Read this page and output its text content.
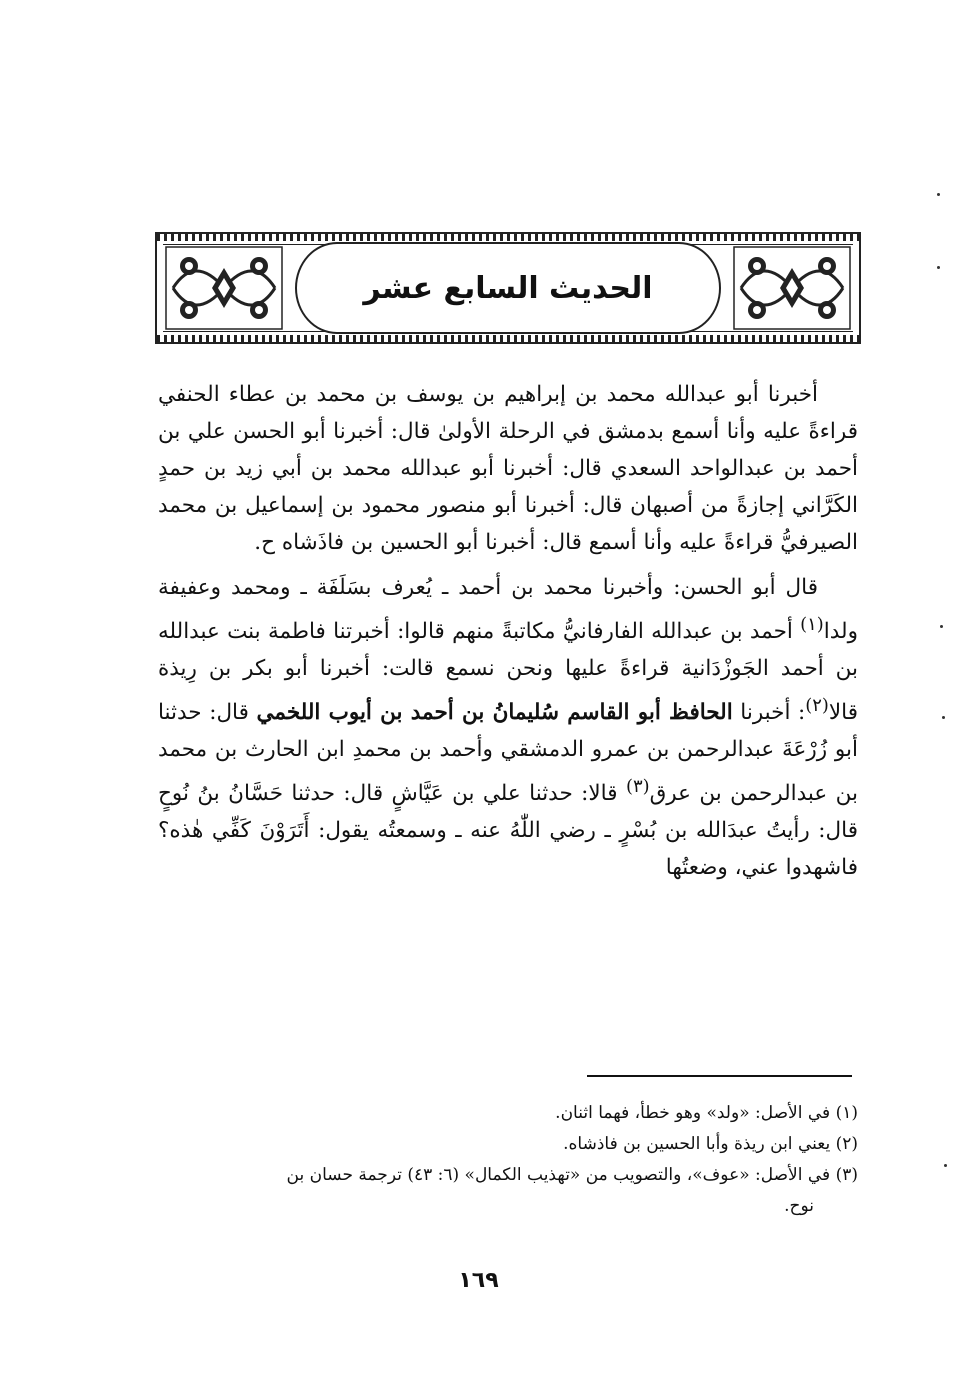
الحديث السابع عشر

أخبرنا أبو عبدالله محمد بن إبراهيم بن يوسف بن محمد بن عطاء الحنفي قراءةً عليه وأنا أسمع بدمشق في الرحلة الأولىٰ قال: أخبرنا أبو الحسن علي بن أحمد بن عبدالواحد السعدي قال: أخبرنا أبو عبدالله محمد بن أبي زيد بن حمدٍ الكَرَّاني إجازةً من أصبهان قال: أخبرنا أبو منصور محمود بن إسماعيل بن محمد الصيرفيُّ قراءةً عليه وأنا أسمع قال: أخبرنا أبو الحسين بن فاذَشاه ح.

قال أبو الحسن: وأخبرنا محمد بن أحمد ـ يُعرف بسَلَفَة ـ ومحمد وعفيفة ولدا$^{(١)}$ أحمد بن عبدالله الفارفانيُّ مكاتبةً منهم قالوا: أخبرتنا فاطمة بنت عبدالله بن أحمد الجَوزْدَانية قراءةً عليها ونحن نسمع قالت: أخبرنا أبو بكر بن رِيذة قالا$^{(٢)}$: أخبرنا الحافظ أبو القاسم سُليمانُ بن أحمد بن أيوب اللخمي قال: حدثنا أبو زُرْعَةَ عبدالرحمن بن عمرو الدمشقي وأحمد بن محمدِ ابن الحارث بن محمد بن عبدالرحمن بن عرق$^{(٣)}$ قالا: حدثنا علي بن عَيَّاشٍ قال: حدثنا حَسَّانُ بنُ نُوحٍ قال: رأيتُ عبدَالله بن بُسْرٍ ـ رضي اللّٰهُ عنه ـ وسمعتُه يقول: أَتَرَوْنَ كَفِّي هٰذه؟ فاشهدوا عني، وضعتُها

(١) في الأصل: «ولد» وهو خطأ، فهما اثنان.

(٢) يعني ابن ريذة وأبا الحسين بن فاذشاه.

(٣) في الأصل: «عوف»، والتصويب من «تهذيب الكمال» (٦: ٤٣) ترجمة حسان بن

نوح.

١٦٩
